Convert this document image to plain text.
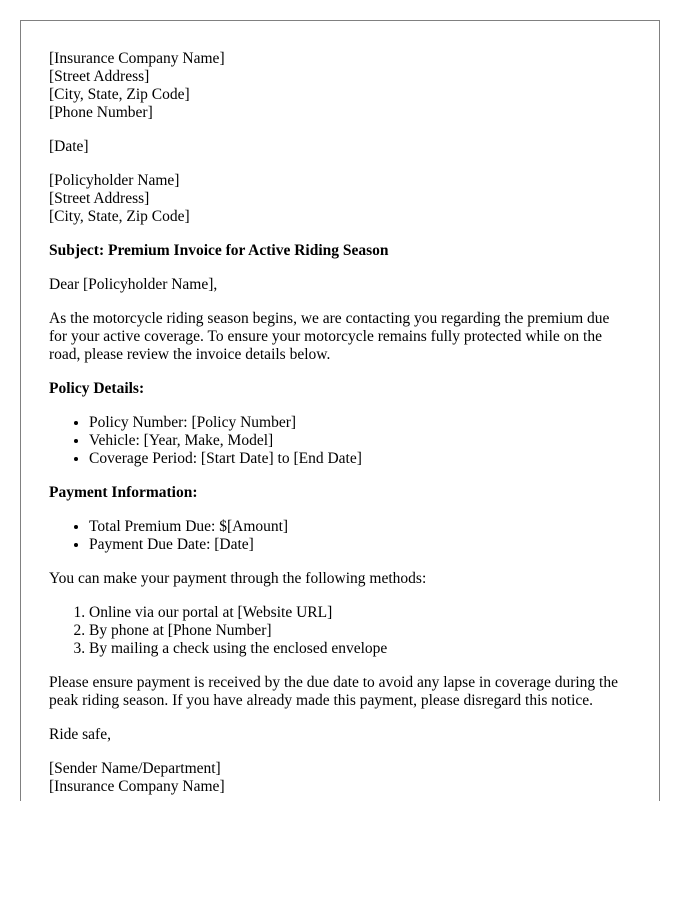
[Insurance Company Name]
[Street Address]
[City, State, Zip Code]
[Phone Number]

[Date]

[Policyholder Name]
[Street Address]
[City, State, Zip Code]

Subject: Premium Invoice for Active Riding Season

Dear [Policyholder Name],

As the motorcycle riding season begins, we are contacting you regarding the premium due for your active coverage. To ensure your motorcycle remains fully protected while on the road, please review the invoice details below.

Policy Details:

• Policy Number: [Policy Number]
• Vehicle: [Year, Make, Model]
• Coverage Period: [Start Date] to [End Date]

Payment Information:

• Total Premium Due: $[Amount]
• Payment Due Date: [Date]

You can make your payment through the following methods:

1. Online via our portal at [Website URL]
2. By phone at [Phone Number]
3. By mailing a check using the enclosed envelope

Please ensure payment is received by the due date to avoid any lapse in coverage during the peak riding season. If you have already made this payment, please disregard this notice.

Ride safe,

[Sender Name/Department]
[Insurance Company Name]
